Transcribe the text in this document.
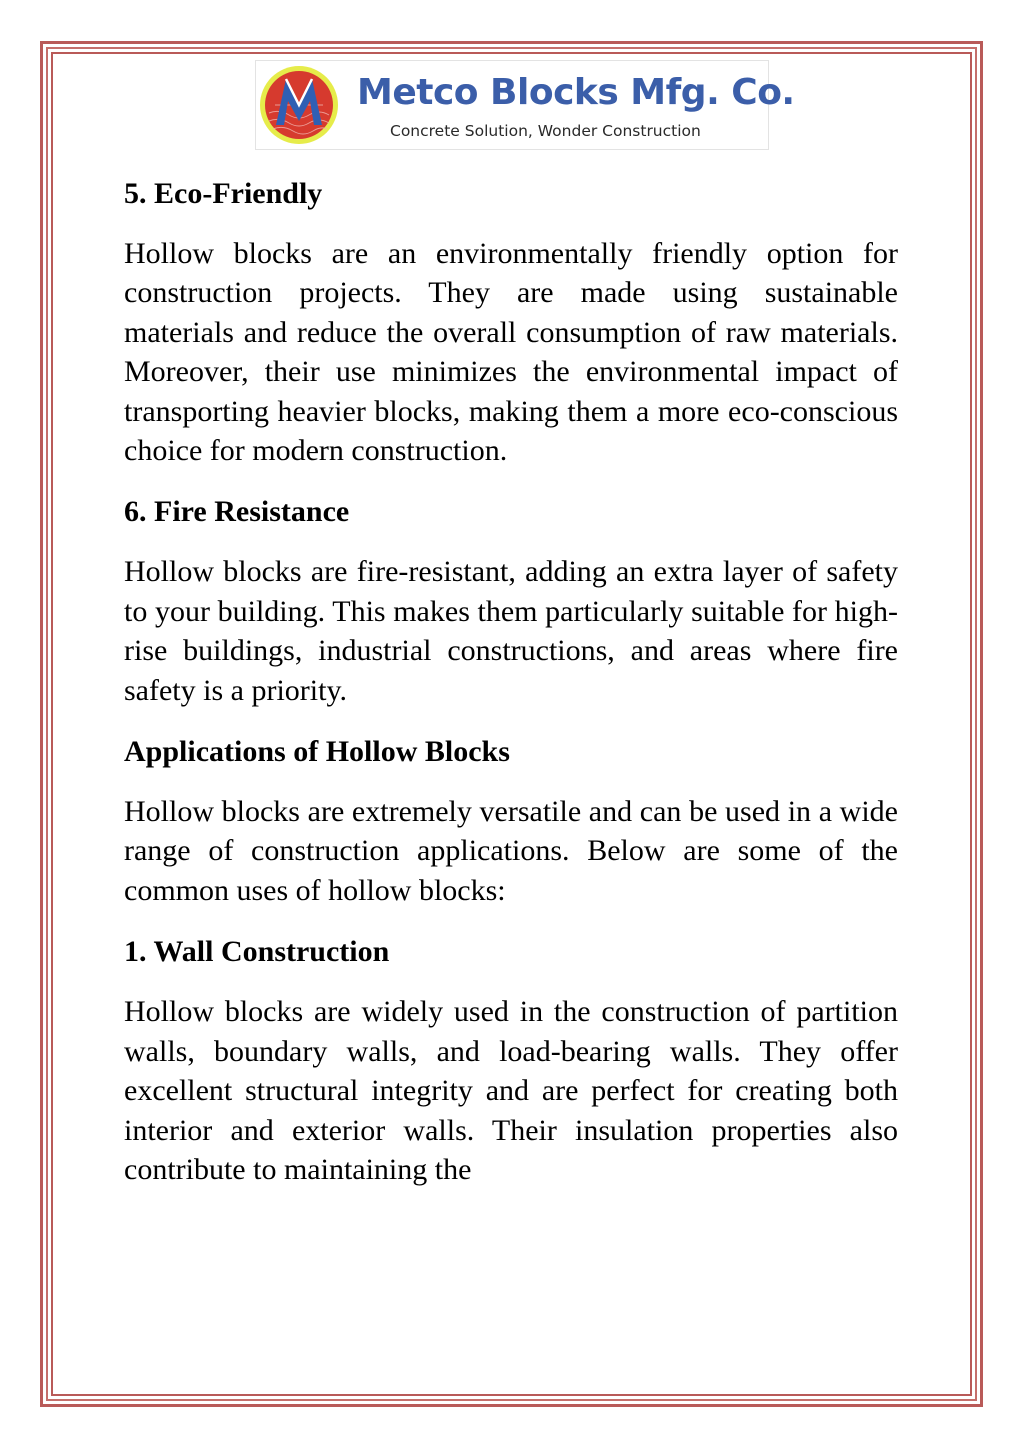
Metco Blocks Mfg. Co.
Concrete Solution, Wonder Construction
5. Eco-Friendly

Hollow blocks are an environmentally friendly option for construction projects. They are made using sustainable materials and reduce the overall consumption of raw materials. Moreover, their use minimizes the environmental impact of transporting heavier blocks, making them a more eco-conscious choice for modern construction.

6. Fire Resistance

Hollow blocks are fire-resistant, adding an extra layer of safety to your building. This makes them particularly suitable for high-rise buildings, industrial constructions, and areas where fire safety is a priority.

Applications of Hollow Blocks

Hollow blocks are extremely versatile and can be used in a wide range of construction applications. Below are some of the common uses of hollow blocks:

1. Wall Construction

Hollow blocks are widely used in the construction of partition walls, boundary walls, and load-bearing walls. They offer excellent structural integrity and are perfect for creating both interior and exterior walls. Their insulation properties also contribute to maintaining the
